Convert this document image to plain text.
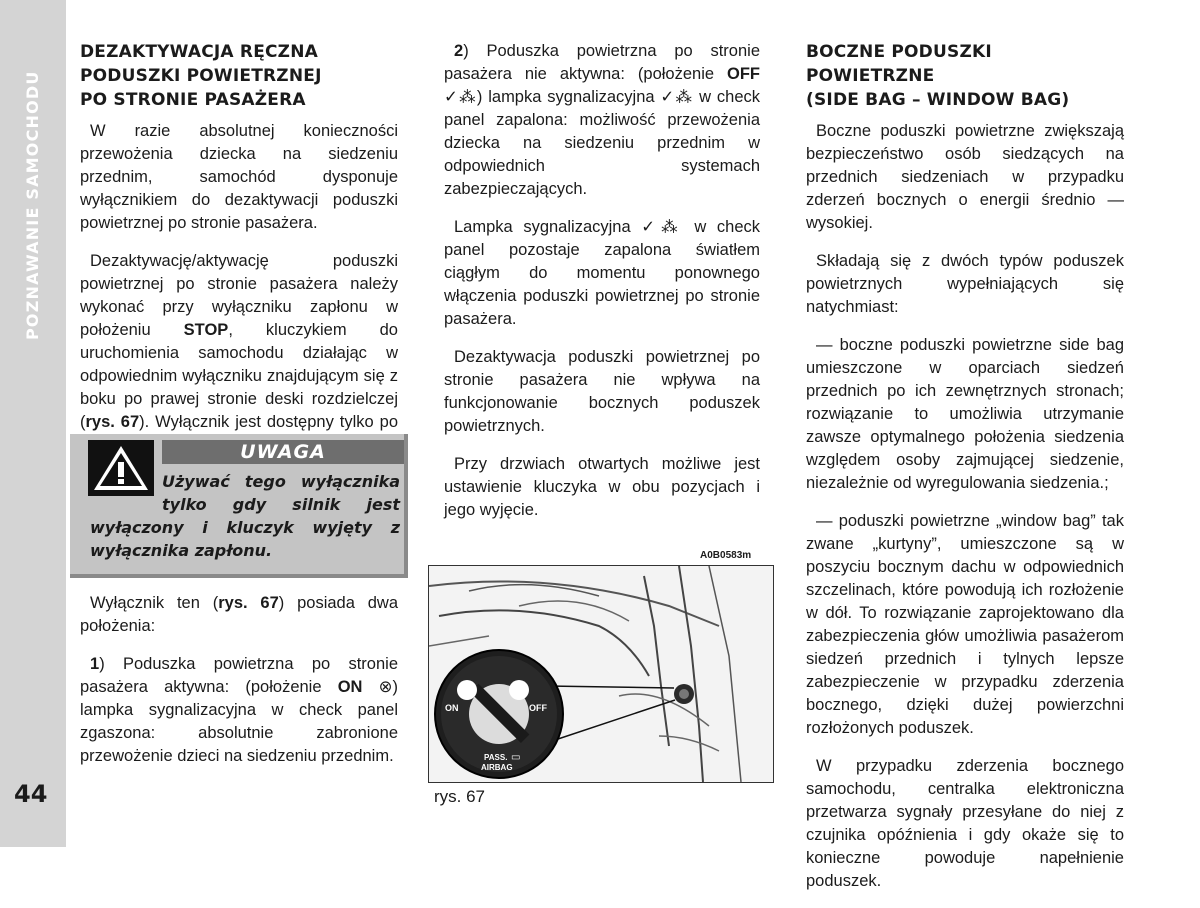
POZNAWANIE SAMOCHODU
44
DEZAKTYWACJA RĘCZNA
PODUSZKI POWIETRZNEJ
PO STRONIE PASAŻERA

W razie absolutnej konieczności przewożenia dziecka na siedzeniu przednim, samochód dysponuje wyłącznikiem do dezaktywacji poduszki powietrznej po stronie pasażera.

Dezaktywację/aktywację poduszki powietrznej po stronie pasażera należy wykonać przy wyłączniku zapłonu w położeniu STOP, kluczykiem do uruchomienia samochodu działając w odpowiednim wyłączniku znajdującym się z boku po prawej stronie deski rozdzielczej (rys. 67). Wyłącznik jest dostępny tylko po

UWAGA
Używać tego wyłącznika tylko gdy silnik jest wyłączony i kluczyk wyjęty z wyłącznika zapłonu.

Wyłącznik ten (rys. 67) posiada dwa położenia:

1) Poduszka powietrzna po stronie pasażera aktywna: (położenie ON ⊗) lampka sygnalizacyjna w check panel zgaszona: absolutnie zabronione przewożenie dzieci na siedzeniu przednim.

2) Poduszka powietrzna po stronie pasażera nie aktywna: (położenie OFF ✓⁂) lampka sygnalizacyjna ✓⁂ w check panel zapalona: możliwość przewożenia dziecka na siedzeniu przednim w odpowiednich systemach zabezpieczających.

Lampka sygnalizacyjna ✓⁂ w check panel pozostaje zapalona światłem ciągłym do momentu ponownego włączenia poduszki powietrznej po stronie pasażera.

Dezaktywacja poduszki powietrznej po stronie pasażera nie wpływa na funkcjonowanie bocznych poduszek powietrznych.

Przy drzwiach otwartych możliwe jest ustawienie kluczyka w obu pozycjach i jego wyjęcie.

A0B0583m
ON	OFF
PASS. ▭
AIRBAG
rys. 67
BOCZNE PODUSZKI POWIETRZNE
(SIDE BAG – WINDOW BAG)

Boczne poduszki powietrzne zwiększają bezpieczeństwo osób siedzących na przednich siedzeniach w przypadku zderzeń bocznych o energii średnio — wysokiej.

Składają się z dwóch typów poduszek powietrznych wypełniających się natychmiast:

— boczne poduszki powietrzne side bag umieszczone w oparciach siedzeń przednich po ich zewnętrznych stronach; rozwiązanie to umożliwia utrzymanie zawsze optymalnego położenia siedzenia względem osoby zajmującej siedzenie, niezależnie od wyregulowania siedzenia.;

— poduszki powietrzne „window bag” tak zwane „kurtyny”, umieszczone są w poszyciu bocznym dachu w odpowiednich szczelinach, które powodują ich rozłożenie w dół. To rozwiązanie zaprojektowano dla zabezpieczenia głów umożliwia pasażerom siedzeń przednich i tylnych lepsze zabezpieczenie w przypadku zderzenia bocznego, dzięki dużej powierzchni rozłożonych poduszek.

W przypadku zderzenia bocznego samochodu, centralka elektroniczna przetwarza sygnały przesyłane do niej z czujnika opóźnienia i gdy okaże się to konieczne powoduje napełnienie poduszek.
